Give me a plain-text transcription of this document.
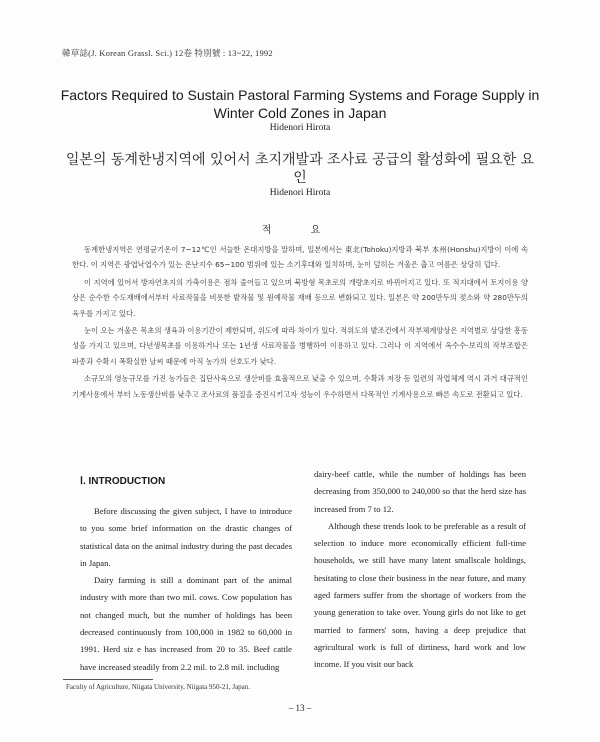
韓草誌(J. Korean Grassl. Sci.) 12卷 特別號 : 13~22, 1992
Factors Required to Sustain Pastoral Farming Systems and Forage Supply in Winter Cold Zones in Japan
Hidenori Hirota
일본의 동계한냉지역에 있어서 초지개발과 조사료 공급의 활성화에 필요한 요인
Hidenori Hirota
적 요

동계한냉지역은 연평균기온이 7~12℃인 서늘한 온대지방을 말하며, 일본에서는 東北(Tohoku)지방과 북부 本州(Honshu)지방이 이에 속한다. 이 지역은 광엽낙엽수가 있는 온난지수 65~100 범위에 있는 소기후대와 일치하며, 눈이 덮히는 겨울은 춥고 여름은 상당히 덥다.

이 지역에 있어서 방자연초지의 가축이용은 점차 줄어들고 있으며 북방형 목초로의 개량초지로 바뀌어지고 있다. 또 적지대에서 토지이용 양상은 순수한 수도재배에서부터 사료작물을 비롯한 밭작물 및 원예작물 재배 등으로 변화되고 있다. 일본은 약 200만두의 젖소와 약 280만두의 육우를 가지고 있다.

눈이 오는 겨울은 목초의 생육과 이용기간이 제한되며, 위도에 따라 차이가 있다. 적위도의 밭조건에서 작부체계양상은 지역별로 상당한 흥동성을 가지고 있으며, 다년생목초를 이용하거나 또는 1년생 사료작물을 병행하여 이용하고 있다. 그러나 이 지역에서 옥수수-보리의 작부조합은 파종과 수확시 폭확실한 날씨 때문에 아직 농가의 선호도가 낮다.

소규모의 영농규모를 가진 농가들은 집단사육으로 생산비를 효율적으로 낮출 수 있으며, 수확과 저장 등 일련의 작업체계 역시 과거 대규적인 기계사용에서 부터 노동생산비를 낮추고 조사료의 품질을 증진시키고자 성능이 우수하면서 다목적인 기계사용으로 빠른 속도로 전환되고 있다.

Ⅰ. INTRODUCTION

Before discussing the given subject, I have to introduce to you some brief information on the drastic changes of statistical data on the animal industry during the past decades in Japan.

Dairy farming is still a dominant part of the animal industry with more than two mil. cows. Cow population has not changed much, but the number of holdings has been decreased continuously from 100,000 in 1982 to 60,000 in 1991. Herd siz e has increased from 20 to 35. Beef cattle have increased steadily from 2.2 mil. to 2.8 mil. including

dairy-beef cattle, while the number of holdings has been decreasing from 350,000 to 240,000 so that the herd size has increased from 7 to 12.

Although these trends look to be preferable as a result of selection to induce more economically efficient full-time households, we still have many latent smallscale holdings, hesitating to close their business in the near future, and many aged farmers suffer from the shortage of workers from the young generation to take over. Young girls do not like to get married to farmers' sons, having a deep prejudice that agricultural work is full of dirtiness, hard work and low income. If you visit our back

Faculty of Agriculture, Niigata University, Niigata 950-21, Japan.
– 13 –
